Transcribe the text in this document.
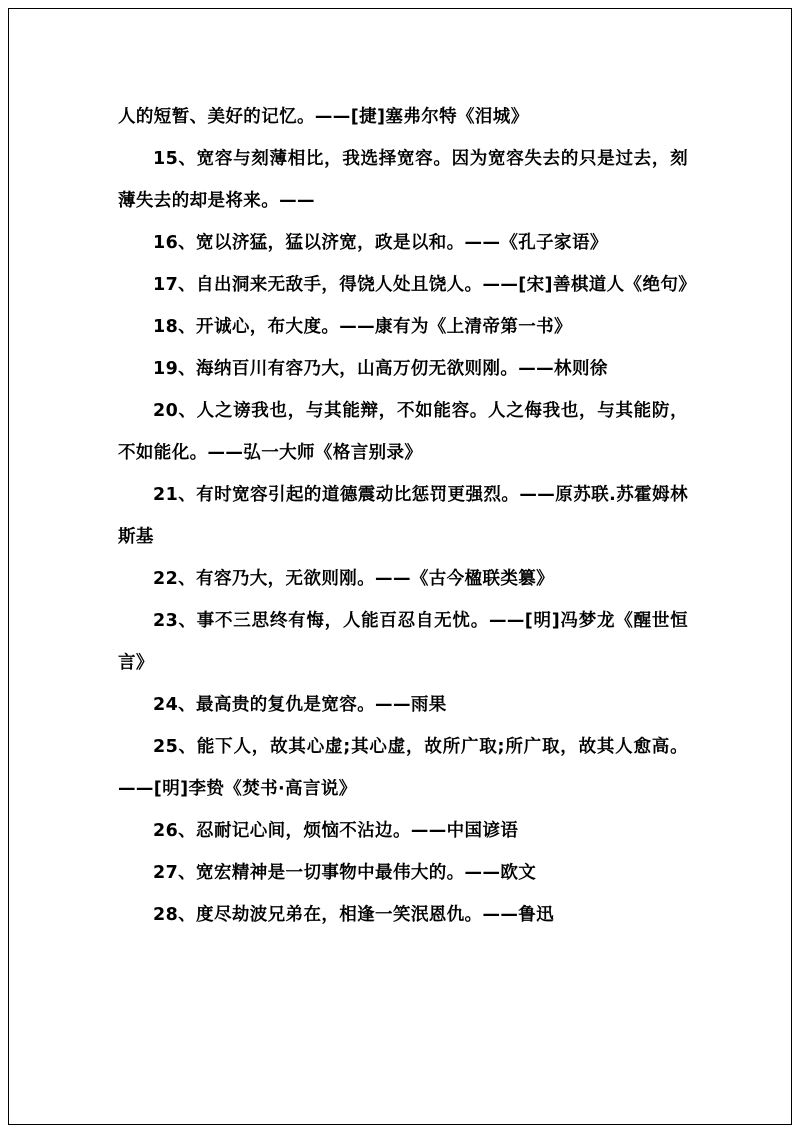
人的短暂、美好的记忆。——[捷]塞弗尔特《泪城》

15、宽容与刻薄相比，我选择宽容。因为宽容失去的只是过去，刻薄失去的却是将来。——

16、宽以济猛，猛以济宽，政是以和。——《孔子家语》

17、自出洞来无敌手，得饶人处且饶人。——[宋]善棋道人《绝句》

18、开诚心，布大度。——康有为《上清帝第一书》

19、海纳百川有容乃大，山高万仞无欲则刚。——林则徐

20、人之谤我也，与其能辩，不如能容。人之侮我也，与其能防，不如能化。——弘一大师《格言别录》

21、有时宽容引起的道德震动比惩罚更强烈。——原苏联.苏霍姆林斯基

22、有容乃大，无欲则刚。——《古今楹联类篡》

23、事不三思终有悔，人能百忍自无忧。——[明]冯梦龙《醒世恒言》

24、最高贵的复仇是宽容。——雨果

25、能下人，故其心虚;其心虚，故所广取;所广取，故其人愈高。——[明]李贽《焚书·高言说》

26、忍耐记心间，烦恼不沾边。——中国谚语

27、宽宏精神是一切事物中最伟大的。——欧文

28、度尽劫波兄弟在，相逢一笑泯恩仇。——鲁迅
